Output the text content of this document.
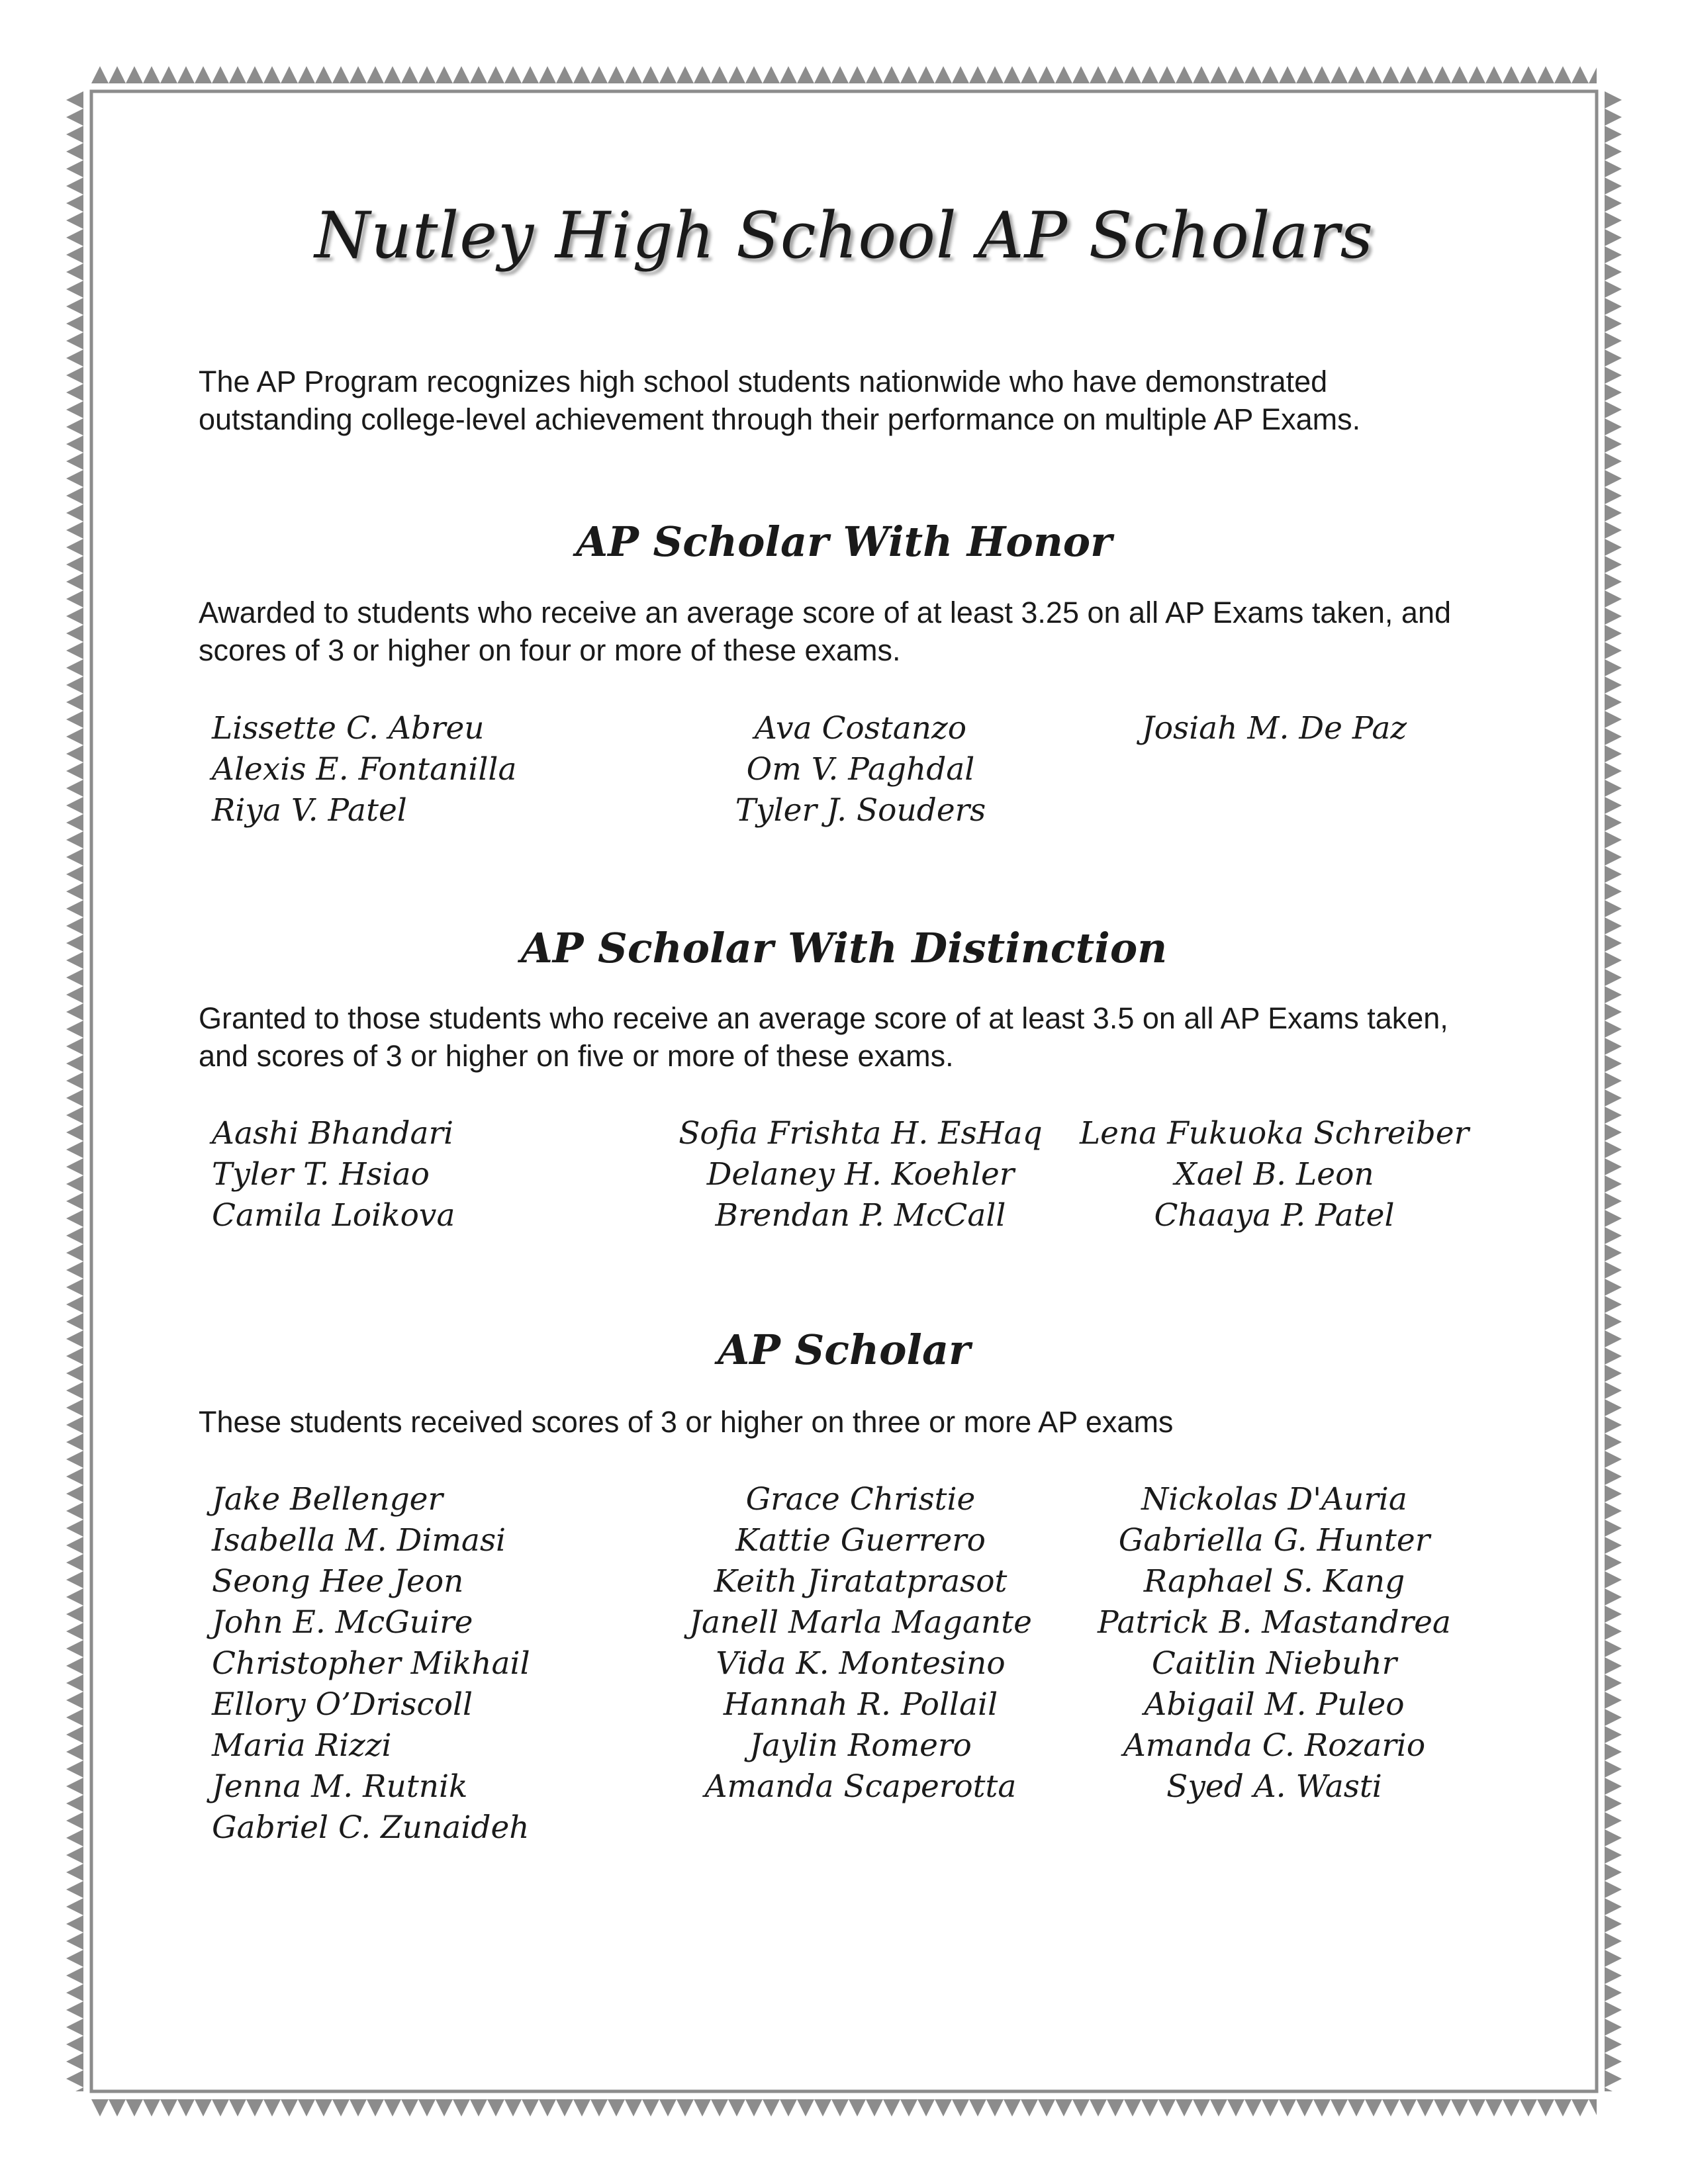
Nutley High School AP Scholars
The AP Program recognizes high school students nationwide who have demonstrated outstanding college-level achievement through their performance on multiple AP Exams.
AP Scholar With Honor
Awarded to students who receive an average score of at least 3.25 on all AP Exams taken, and scores of 3 or higher on four or more of these exams.
Lissette C. Abreu
Alexis E. Fontanilla
Riya V. Patel
Ava Costanzo
Om V. Paghdal
Tyler J. Souders
Josiah M. De Paz
AP Scholar With Distinction
Granted to those students who receive an average score of at least 3.5 on all AP Exams taken, and scores of 3 or higher on five or more of these exams.
Aashi Bhandari
Tyler T. Hsiao
Camila Loikova
Sofia Frishta H. EsHaq
Delaney H. Koehler
Brendan P. McCall
Lena Fukuoka Schreiber
Xael B. Leon
Chaaya P. Patel
AP Scholar
These students received scores of 3 or higher on three or more AP exams
Jake Bellenger
Isabella M. Dimasi
Seong Hee Jeon
John E. McGuire
Christopher Mikhail
Ellory O’Driscoll
Maria Rizzi
Jenna M. Rutnik
Gabriel C. Zunaideh
Grace Christie
Kattie Guerrero
Keith Jiratatprasot
Janell Marla Magante
Vida K. Montesino
Hannah R. Pollail
Jaylin Romero
Amanda Scaperotta
Nickolas D'Auria
Gabriella G. Hunter
Raphael S. Kang
Patrick B. Mastandrea
Caitlin Niebuhr
Abigail M. Puleo
Amanda C. Rozario
Syed A. Wasti
